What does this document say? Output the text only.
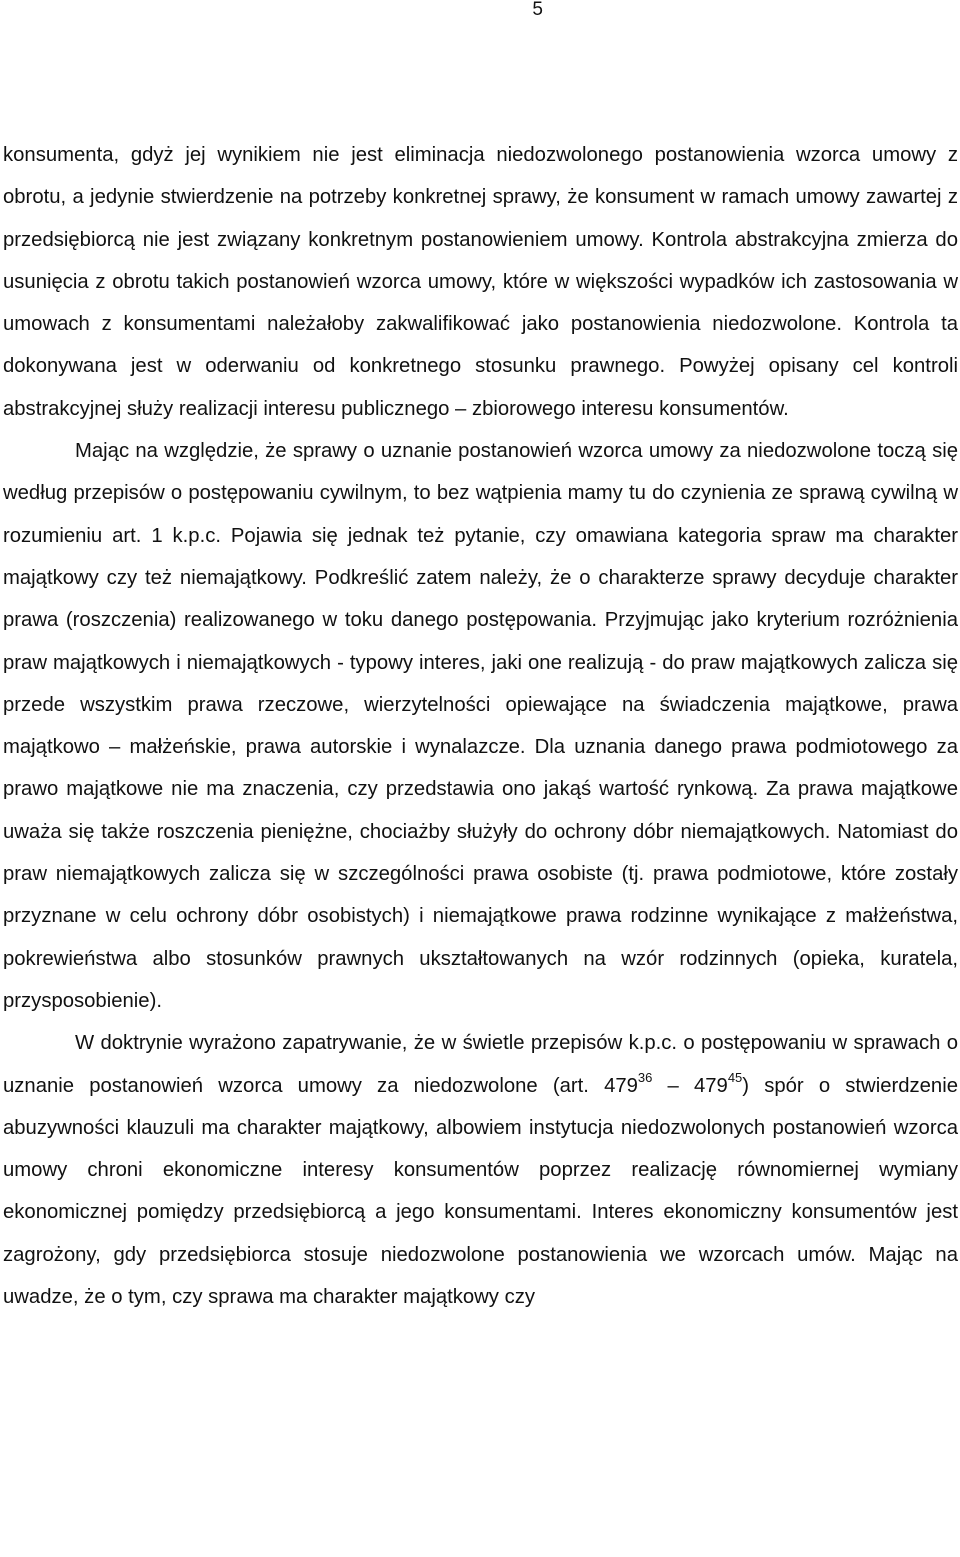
5

konsumenta, gdyż jej wynikiem nie jest eliminacja niedozwolonego postanowienia wzorca umowy z obrotu, a jedynie stwierdzenie na potrzeby konkretnej sprawy, że konsument w ramach umowy zawartej z przedsiębiorcą nie jest związany konkretnym postanowieniem umowy. Kontrola abstrakcyjna zmierza do usunięcia z obrotu takich postanowień wzorca umowy, które w większości wypadków ich zastosowania w umowach z konsumentami należałoby zakwalifikować jako postanowienia niedozwolone. Kontrola ta dokonywana jest w oderwaniu od konkretnego stosunku prawnego. Powyżej opisany cel kontroli abstrakcyjnej służy realizacji interesu publicznego – zbiorowego interesu konsumentów.

Mając na względzie, że sprawy o uznanie postanowień wzorca umowy za niedozwolone toczą się według przepisów o postępowaniu cywilnym, to bez wątpienia mamy tu do czynienia ze sprawą cywilną w rozumieniu art. 1 k.p.c. Pojawia się jednak też pytanie, czy omawiana kategoria spraw ma charakter majątkowy czy też niemajątkowy. Podkreślić zatem należy, że o charakterze sprawy decyduje charakter prawa (roszczenia) realizowanego w toku danego postępowania. Przyjmując jako kryterium rozróżnienia praw majątkowych i niemajątkowych - typowy interes, jaki one realizują - do praw majątkowych zalicza się przede wszystkim prawa rzeczowe, wierzytelności opiewające na świadczenia majątkowe, prawa majątkowo – małżeńskie, prawa autorskie i wynalazcze. Dla uznania danego prawa podmiotowego za prawo majątkowe nie ma znaczenia, czy przedstawia ono jakąś wartość rynkową. Za prawa majątkowe uważa się także roszczenia pieniężne, chociażby służyły do ochrony dóbr niemajątkowych. Natomiast do praw niemajątkowych zalicza się w szczególności prawa osobiste (tj. prawa podmiotowe, które zostały przyznane w celu ochrony dóbr osobistych) i niemajątkowe prawa rodzinne wynikające z małżeństwa, pokrewieństwa albo stosunków prawnych ukształtowanych na wzór rodzinnych (opieka, kuratela, przysposobienie).

W doktrynie wyrażono zapatrywanie, że w świetle przepisów k.p.c. o postępowaniu w sprawach o uznanie postanowień wzorca umowy za niedozwolone (art. $479^{36} - 479^{45}$) spór o stwierdzenie abuzywności klauzuli ma charakter majątkowy, albowiem instytucja niedozwolonych postanowień wzorca umowy chroni ekonomiczne interesy konsumentów poprzez realizację równomiernej wymiany ekonomicznej pomiędzy przedsiębiorcą a jego konsumentami. Interes ekonomiczny konsumentów jest zagrożony, gdy przedsiębiorca stosuje niedozwolone postanowienia we wzorcach umów. Mając na uwadze, że o tym, czy sprawa ma charakter majątkowy czy
